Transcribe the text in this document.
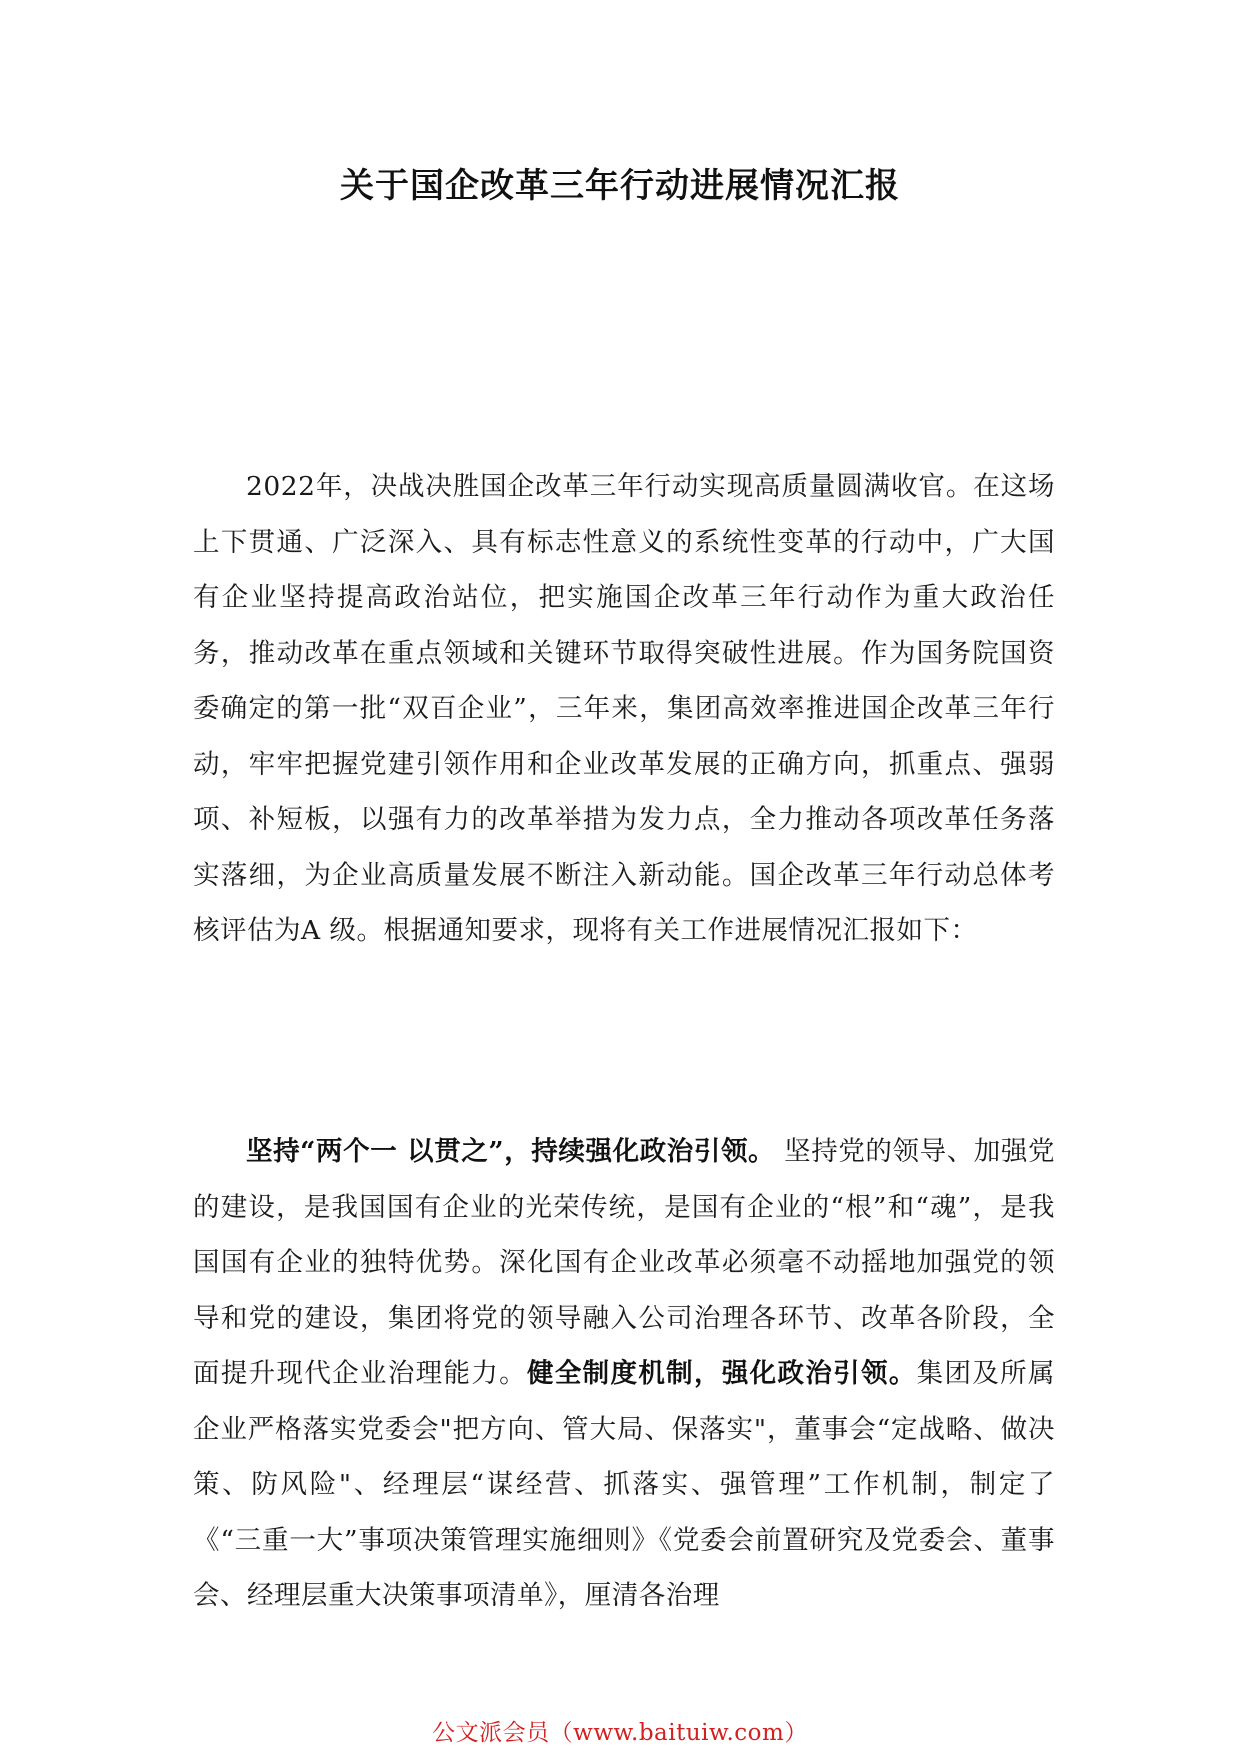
关于国企改革三年行动进展情况汇报

2022年，决战决胜国企改革三年行动实现高质量圆满收官。在这场上下贯通、广泛深入、具有标志性意义的系统性变革的行动中，广大国有企业坚持提高政治站位，把实施国企改革三年行动作为重大政治任务，推动改革在重点领域和关键环节取得突破性进展。作为国务院国资委确定的第一批“双百企业”，三年来，集团高效率推进国企改革三年行动，牢牢把握党建引领作用和企业改革发展的正确方向，抓重点、强弱项、补短板，以强有力的改革举措为发力点，全力推动各项改革任务落实落细，为企业高质量发展不断注入新动能。国企改革三年行动总体考核评估为A 级。根据通知要求，现将有关工作进展情况汇报如下：

坚持“两个一 以贯之”，持续强化政治引领。 坚持党的领导、加强党的建设，是我国国有企业的光荣传统，是国有企业的“根”和“魂”，是我国国有企业的独特优势。深化国有企业改革必须毫不动摇地加强党的领导和党的建设，集团将党的领导融入公司治理各环节、改革各阶段，全面提升现代企业治理能力。健全制度机制，强化政治引领。集团及所属企业严格落实党委会"把方向、管大局、保落实"，董事会“定战略、做决策、防风险"、经理层“谋经营、抓落实、强管理”工作机制，制定了《“三重一大”事项决策管理实施细则》《党委会前置研究及党委会、董事会、经理层重大决策事项清单》，厘清各治理

公文派会员（www.baituiw.com）
